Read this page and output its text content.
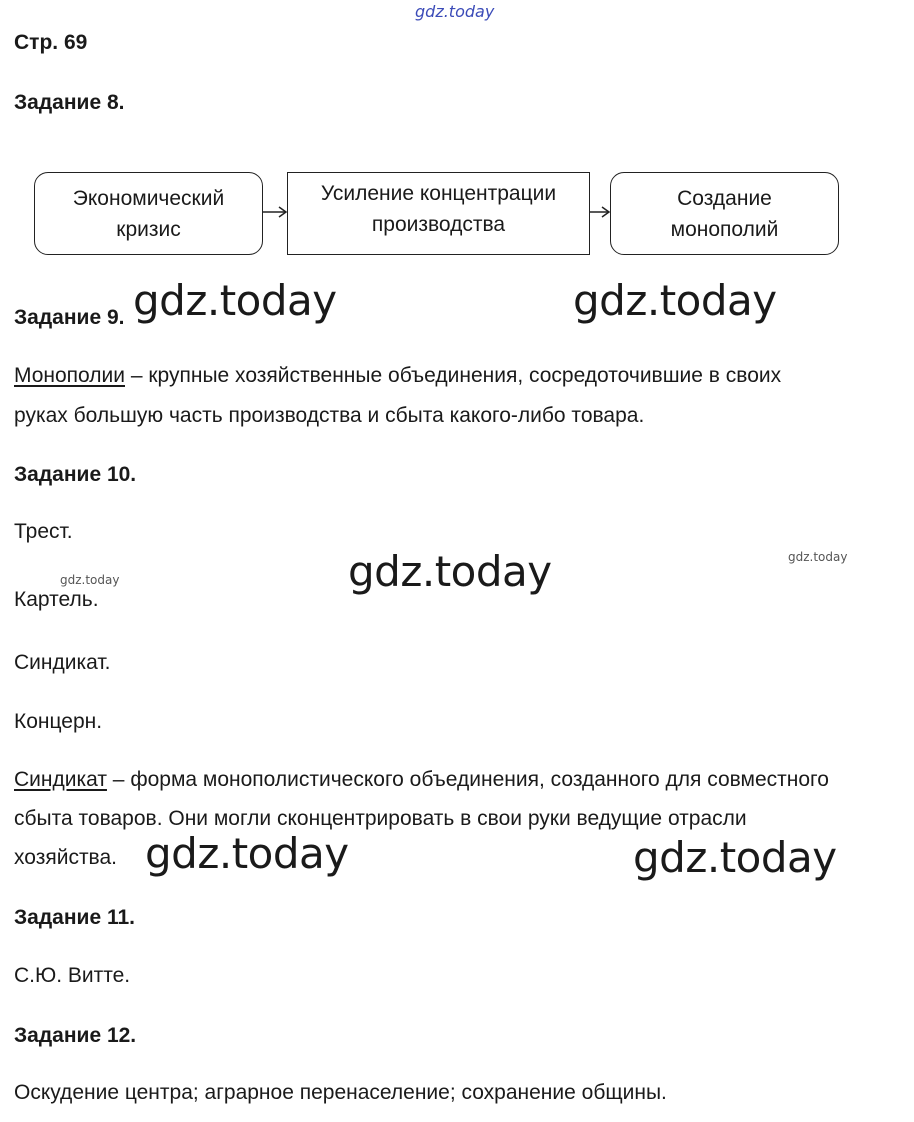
gdz.today
gdz.today	gdz.today
gdz.today
gdz.today
gdz.today
gdz.today	gdz.today
Стр. 69
Задание 8.
Экономический
кризис
Усиление концентрации
производства
Создание
монополий
Задание 9.
Монополии – крупные хозяйственные объединения, сосредоточившие в своих
руках большую часть производства и сбыта какого-либо товара.
Задание 10.
Трест.
Картель.
Синдикат.
Концерн.
Синдикат – форма монополистического объединения, созданного для совместного
сбыта товаров. Они могли сконцентрировать в свои руки ведущие отрасли
хозяйства.
Задание 11.
С.Ю. Витте.
Задание 12.
Оскудение центра; аграрное перенаселение; сохранение общины.
